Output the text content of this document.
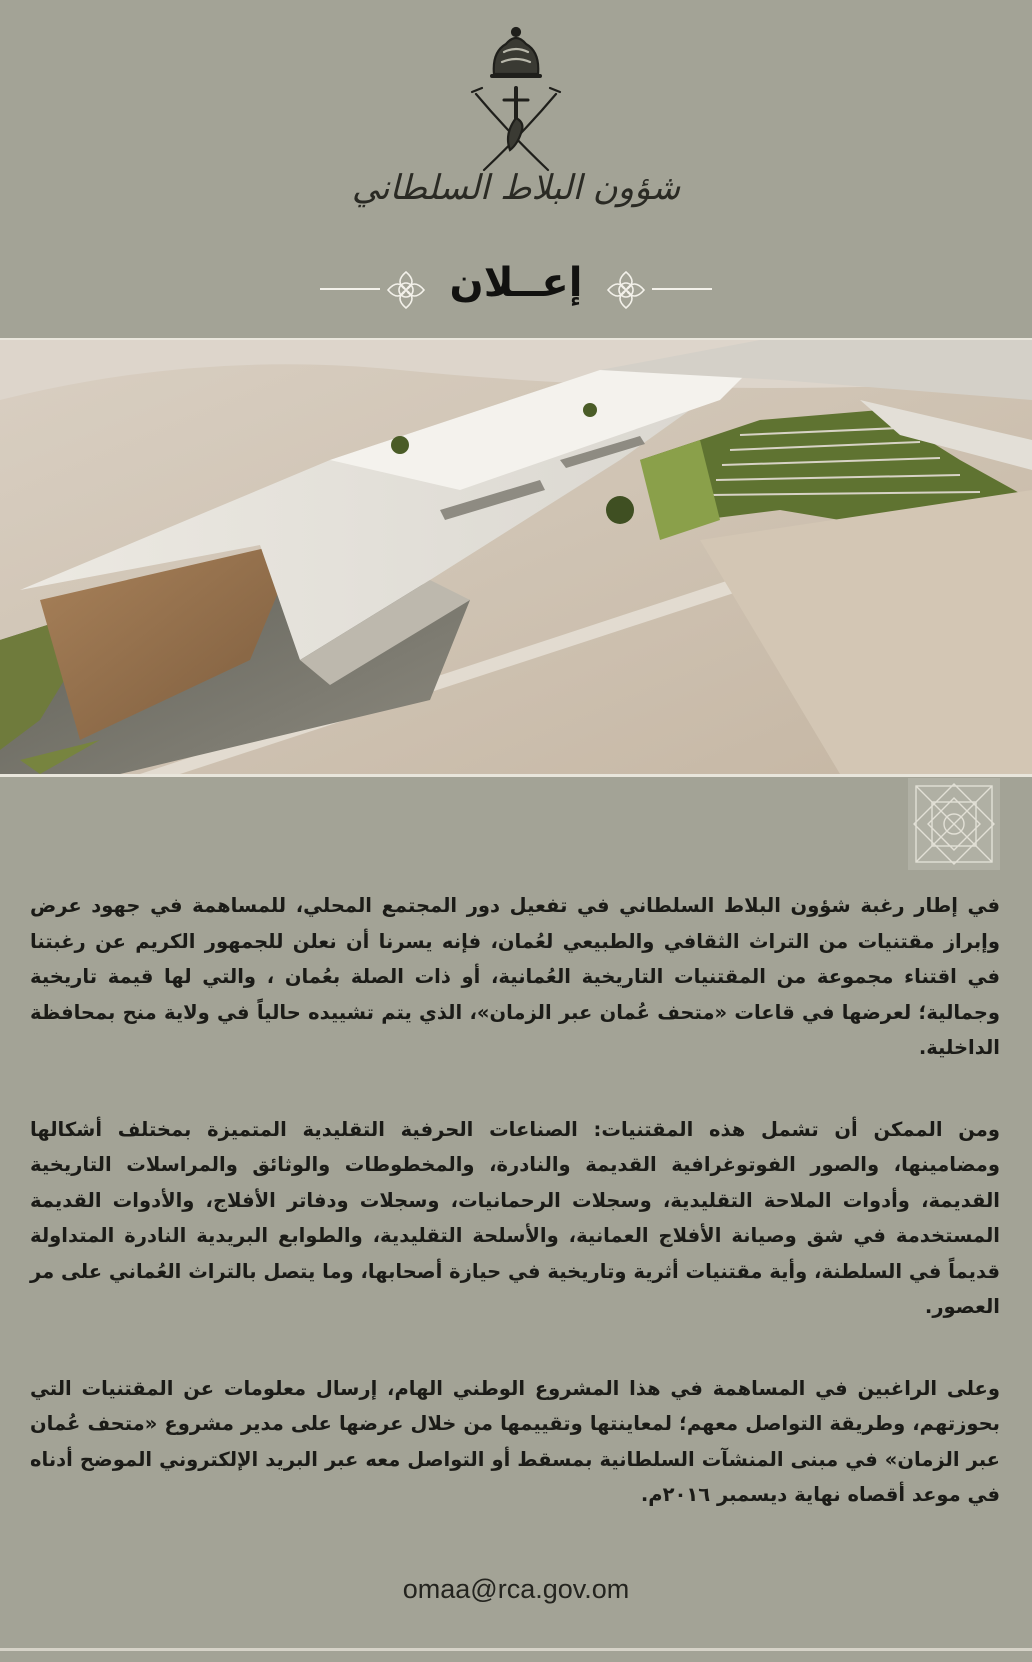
شؤون البلاط السلطاني
إعــلان

في إطار رغبة شؤون البلاط السلطاني في تفعيل دور المجتمع المحلي، للمساهمة في جهود عرض وإبراز مقتنيات من التراث الثقافي والطبيعي لعُمان، فإنه يسرنا أن نعلن للجمهور الكريم عن رغبتنا في اقتناء مجموعة من المقتنيات التاريخية العُمانية، أو ذات الصلة بعُمان ، والتي لها قيمة تاريخية وجمالية؛ لعرضها في قاعات «متحف عُمان عبر الزمان»، الذي يتم تشييده حالياً في ولاية منح بمحافظة الداخلية.

ومن الممكن أن تشمل هذه المقتنيات: الصناعات الحرفية التقليدية المتميزة بمختلف أشكالها ومضامينها، والصور الفوتوغرافية القديمة والنادرة، والمخطوطات والوثائق والمراسلات التاريخية القديمة، وأدوات الملاحة التقليدية، وسجلات الرحمانيات، وسجلات ودفاتر الأفلاج، والأدوات القديمة المستخدمة في شق وصيانة الأفلاج العمانية، والأسلحة التقليدية، والطوابع البريدية النادرة المتداولة قديماً في السلطنة، وأية مقتنيات أثرية وتاريخية في حيازة أصحابها، وما يتصل بالتراث العُماني على مر العصور.

وعلى الراغبين في المساهمة في هذا المشروع الوطني الهام، إرسال معلومات عن المقتنيات التي بحوزتهم، وطريقة التواصل معهم؛ لمعاينتها وتقييمها من خلال عرضها على مدير مشروع «متحف عُمان عبر الزمان» في مبنى المنشآت السلطانية بمسقط أو التواصل معه عبر البريد الإلكتروني الموضح أدناه في موعد أقصاه نهاية ديسمبر ٢٠١٦م.

omaa@rca.gov.om
